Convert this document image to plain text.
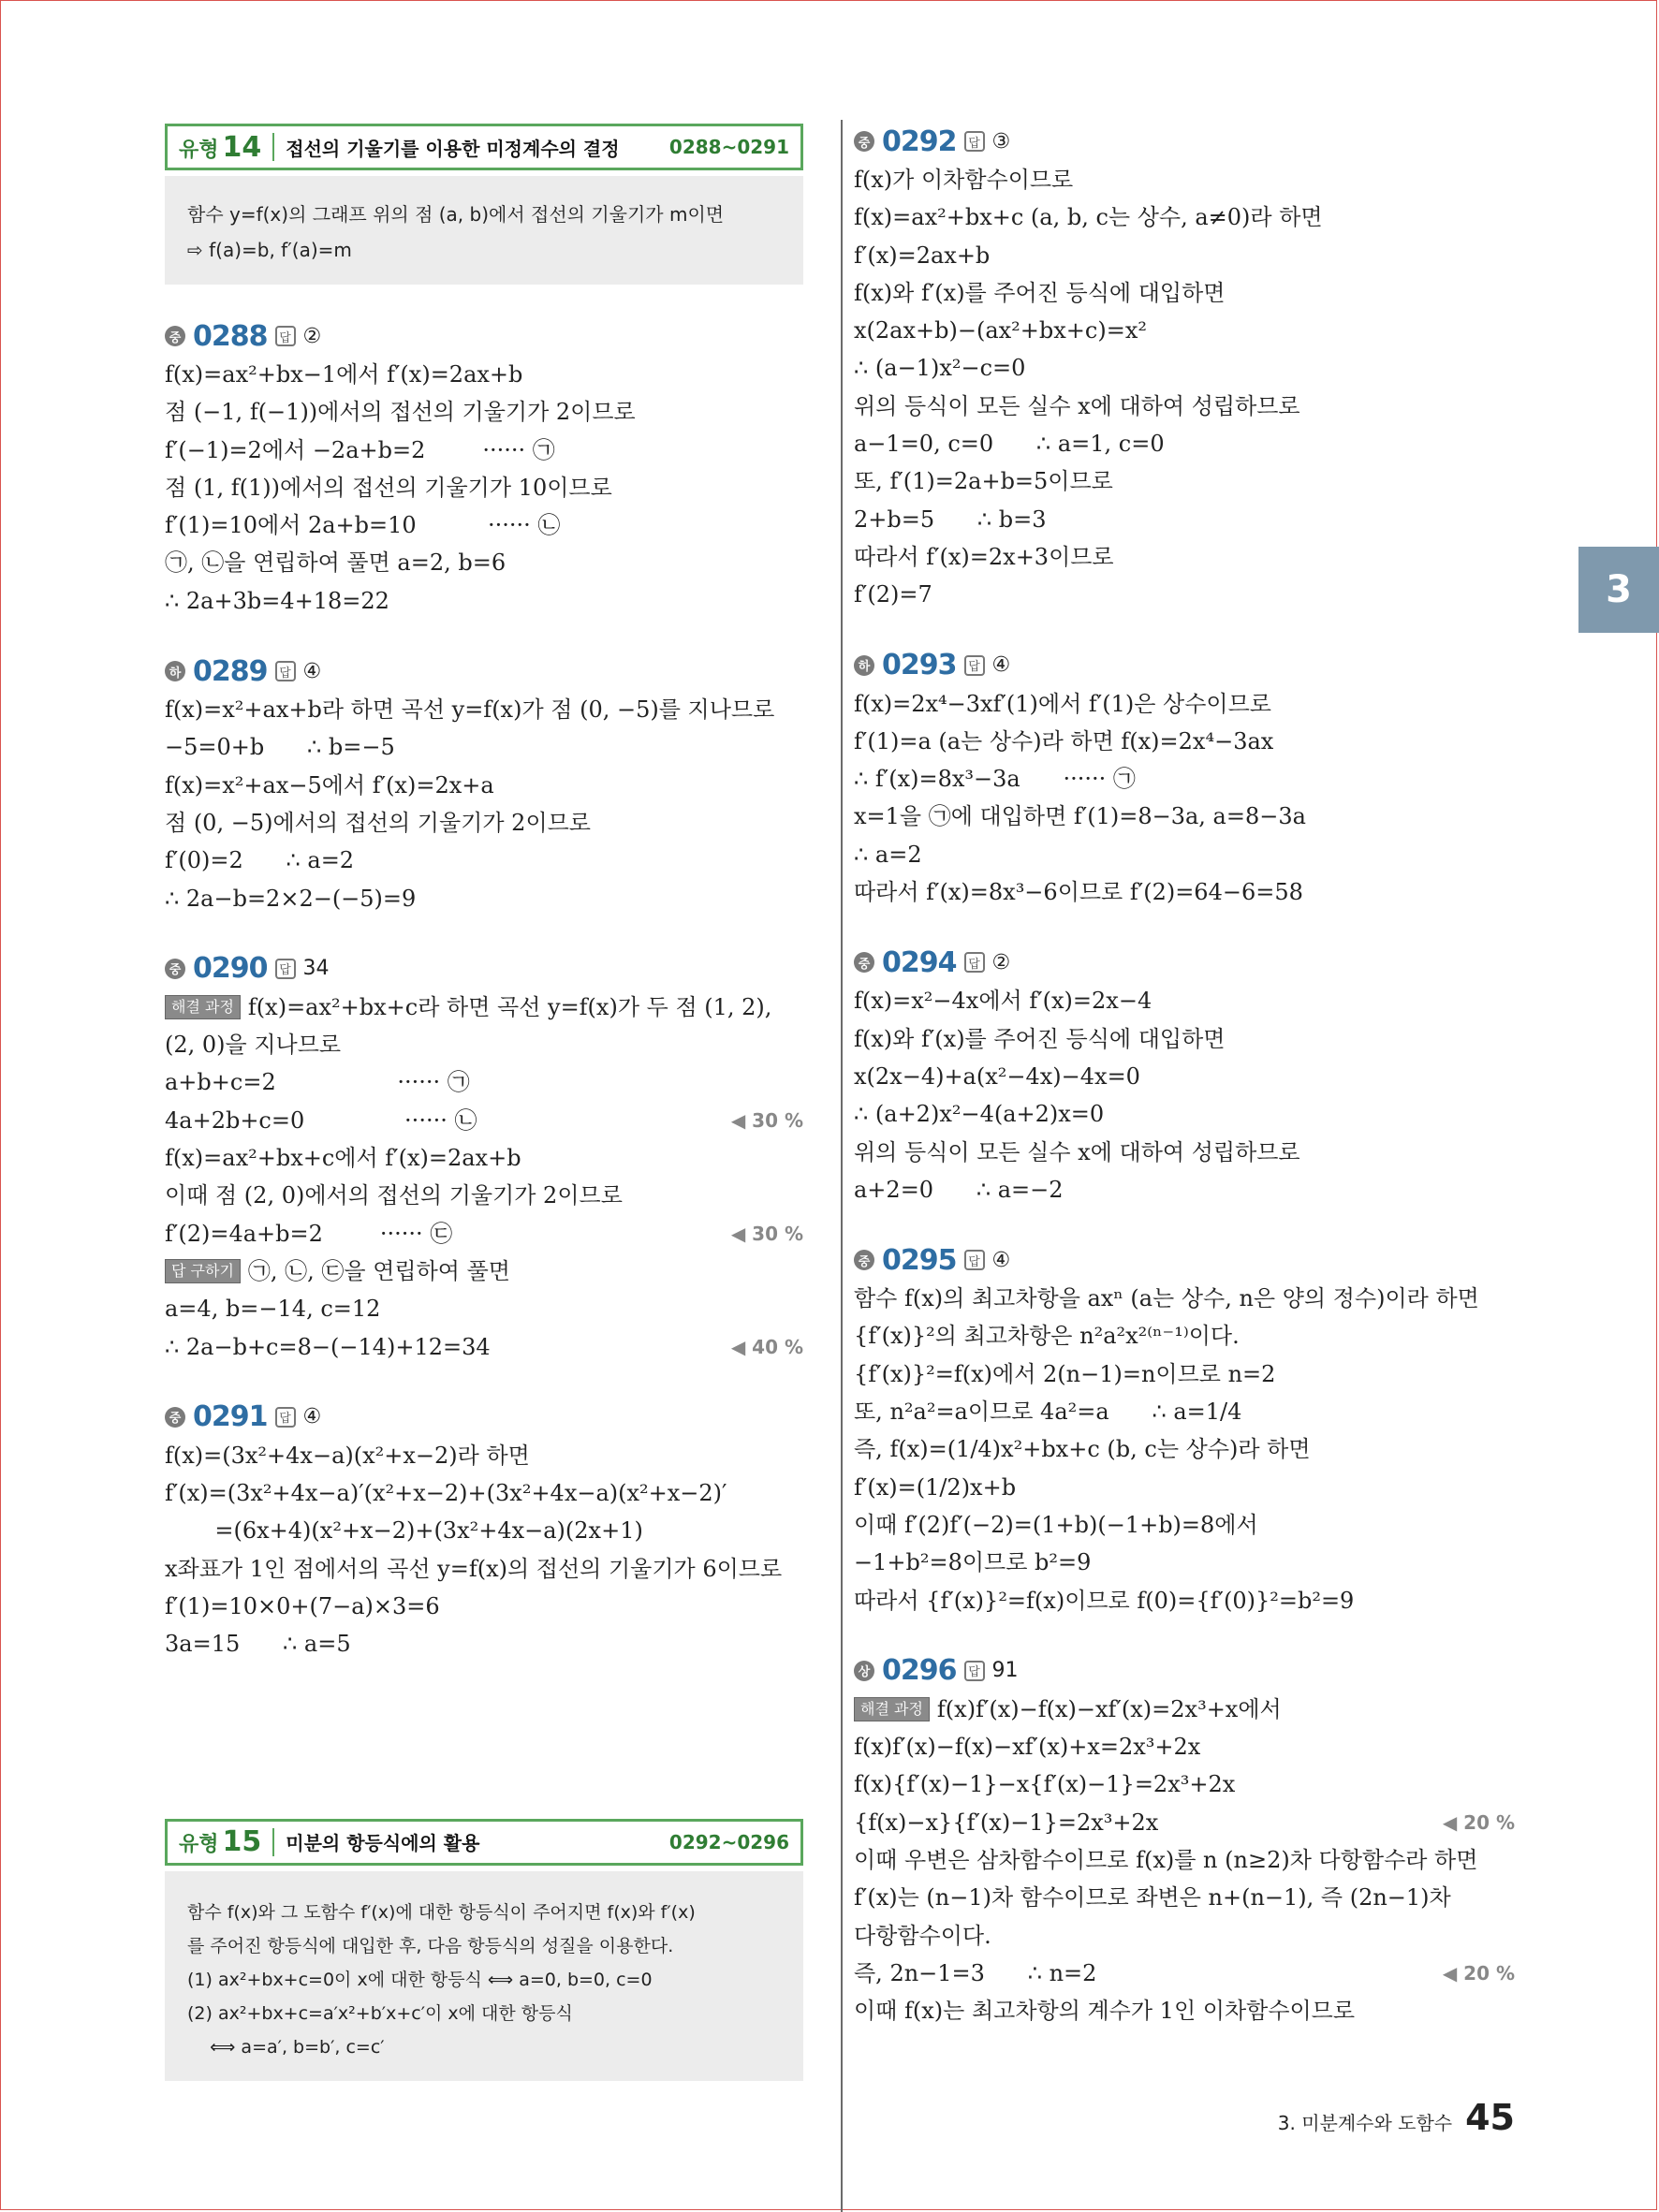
유형 14 접선의 기울기를 이용한 미정계수의 결정	0288~0291
함수 y=f(x)의 그래프 위의 점 (a, b)에서 접선의 기울기가 m이면
⇨ f(a)=b, f′(a)=m
중 0288 답 ②
f(x)=ax²+bx−1에서 f′(x)=2ax+b
점 (−1, f(−1))에서의 접선의 기울기가 2이므로
f′(−1)=2에서 −2a+b=2        ······ ㉠
점 (1, f(1))에서의 접선의 기울기가 10이므로
f′(1)=10에서 2a+b=10          ······ ㉡
㉠, ㉡을 연립하여 풀면 a=2, b=6
∴ 2a+3b=4+18=22
하 0289 답 ④
f(x)=x²+ax+b라 하면 곡선 y=f(x)가 점 (0, −5)를 지나므로
−5=0+b      ∴ b=−5
f(x)=x²+ax−5에서 f′(x)=2x+a
점 (0, −5)에서의 접선의 기울기가 2이므로
f′(0)=2      ∴ a=2
∴ 2a−b=2×2−(−5)=9
중 0290 답 34
해결 과정 f(x)=ax²+bx+c라 하면 곡선 y=f(x)가 두 점 (1, 2),
(2, 0)을 지나므로
a+b+c=2                 ······ ㉠
4a+2b+c=0              ······ ㉡	◀ 30 %
f(x)=ax²+bx+c에서 f′(x)=2ax+b
이때 점 (2, 0)에서의 접선의 기울기가 2이므로
f′(2)=4a+b=2        ······ ㉢	◀ 30 %
답 구하기 ㉠, ㉡, ㉢을 연립하여 풀면
a=4, b=−14, c=12
∴ 2a−b+c=8−(−14)+12=34	◀ 40 %
중 0291 답 ④
f(x)=(3x²+4x−a)(x²+x−2)라 하면
f′(x)=(3x²+4x−a)′(x²+x−2)+(3x²+4x−a)(x²+x−2)′
=(6x+4)(x²+x−2)+(3x²+4x−a)(2x+1)
x좌표가 1인 점에서의 곡선 y=f(x)의 접선의 기울기가 6이므로
f′(1)=10×0+(7−a)×3=6
3a=15      ∴ a=5
유형 15 미분의 항등식에의 활용	0292~0296
함수 f(x)와 그 도함수 f′(x)에 대한 항등식이 주어지면 f(x)와 f′(x)
를 주어진 항등식에 대입한 후, 다음 항등식의 성질을 이용한다.
(1) ax²+bx+c=0이 x에 대한 항등식 ⟺ a=0, b=0, c=0
(2) ax²+bx+c=a′x²+b′x+c′이 x에 대한 항등식
⟺ a=a′, b=b′, c=c′
중 0292 답 ③
f(x)가 이차함수이므로
f(x)=ax²+bx+c (a, b, c는 상수, a≠0)라 하면
f′(x)=2ax+b
f(x)와 f′(x)를 주어진 등식에 대입하면
x(2ax+b)−(ax²+bx+c)=x²
∴ (a−1)x²−c=0
위의 등식이 모든 실수 x에 대하여 성립하므로
a−1=0, c=0      ∴ a=1, c=0
또, f′(1)=2a+b=5이므로
2+b=5      ∴ b=3
따라서 f′(x)=2x+3이므로
f′(2)=7
하 0293 답 ④
f(x)=2x⁴−3xf′(1)에서 f′(1)은 상수이므로
f′(1)=a (a는 상수)라 하면 f(x)=2x⁴−3ax
∴ f′(x)=8x³−3a      ······ ㉠
x=1을 ㉠에 대입하면 f′(1)=8−3a, a=8−3a
∴ a=2
따라서 f′(x)=8x³−6이므로 f′(2)=64−6=58
중 0294 답 ②
f(x)=x²−4x에서 f′(x)=2x−4
f(x)와 f′(x)를 주어진 등식에 대입하면
x(2x−4)+a(x²−4x)−4x=0
∴ (a+2)x²−4(a+2)x=0
위의 등식이 모든 실수 x에 대하여 성립하므로
a+2=0      ∴ a=−2
중 0295 답 ④
함수 f(x)의 최고차항을 axⁿ (a는 상수, n은 양의 정수)이라 하면
{f′(x)}²의 최고차항은 n²a²x²⁽ⁿ⁻¹⁾이다.
{f′(x)}²=f(x)에서 2(n−1)=n이므로 n=2
또, n²a²=a이므로 4a²=a      ∴ a=1/4
즉, f(x)=(1/4)x²+bx+c (b, c는 상수)라 하면
f′(x)=(1/2)x+b
이때 f′(2)f′(−2)=(1+b)(−1+b)=8에서
−1+b²=8이므로 b²=9
따라서 {f′(x)}²=f(x)이므로 f(0)={f′(0)}²=b²=9
상 0296 답 91
해결 과정 f(x)f′(x)−f(x)−xf′(x)=2x³+x에서
f(x)f′(x)−f(x)−xf′(x)+x=2x³+2x
f(x){f′(x)−1}−x{f′(x)−1}=2x³+2x
{f(x)−x}{f′(x)−1}=2x³+2x	◀ 20 %
이때 우변은 삼차함수이므로 f(x)를 n (n≥2)차 다항함수라 하면
f′(x)는 (n−1)차 함수이므로 좌변은 n+(n−1), 즉 (2n−1)차
다항함수이다.
즉, 2n−1=3      ∴ n=2	◀ 20 %
이때 f(x)는 최고차항의 계수가 1인 이차함수이므로
3
3. 미분계수와 도함수 45
